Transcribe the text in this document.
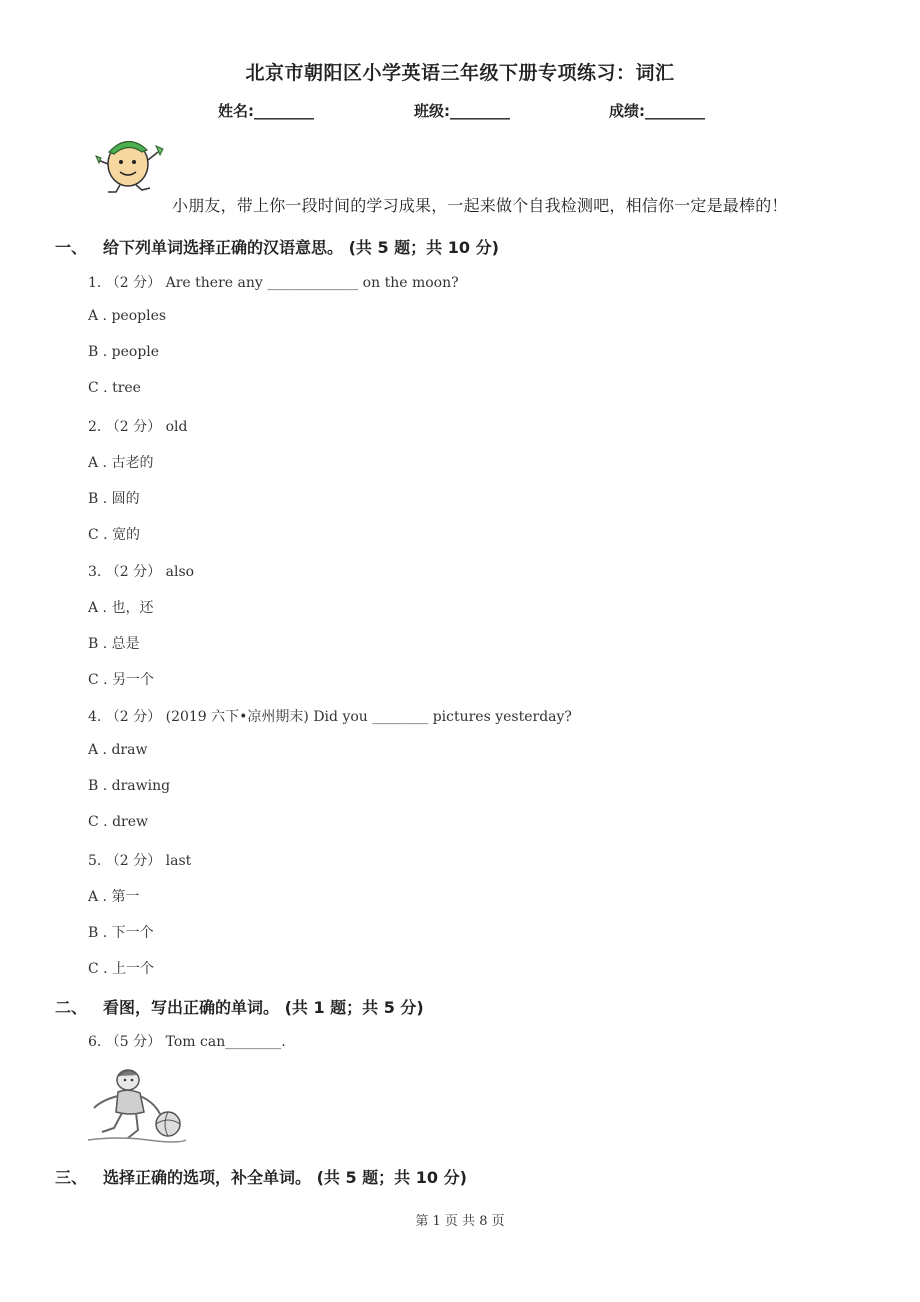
北京市朝阳区小学英语三年级下册专项练习：词汇
姓名:________	班级:________	成绩:________
小朋友，带上你一段时间的学习成果，一起来做个自我检测吧，相信你一定是最棒的！
一、 给下列单词选择正确的汉语意思。 (共 5 题；共 10 分)
1. （2 分） Are there any _____________ on the moon?
A . peoples
B . people
C . tree
2. （2 分） old
A . 古老的
B . 圆的
C . 宽的
3. （2 分） also
A . 也，还
B . 总是
C . 另一个
4. （2 分） (2019 六下•凉州期末) Did you ________ pictures yesterday?
A . draw
B . drawing
C . drew
5. （2 分） last
A . 第一
B . 下一个
C . 上一个
二、 看图，写出正确的单词。 (共 1 题；共 5 分)
6. （5 分） Tom can________.
三、 选择正确的选项，补全单词。 (共 5 题；共 10 分)
第 1 页 共 8 页
